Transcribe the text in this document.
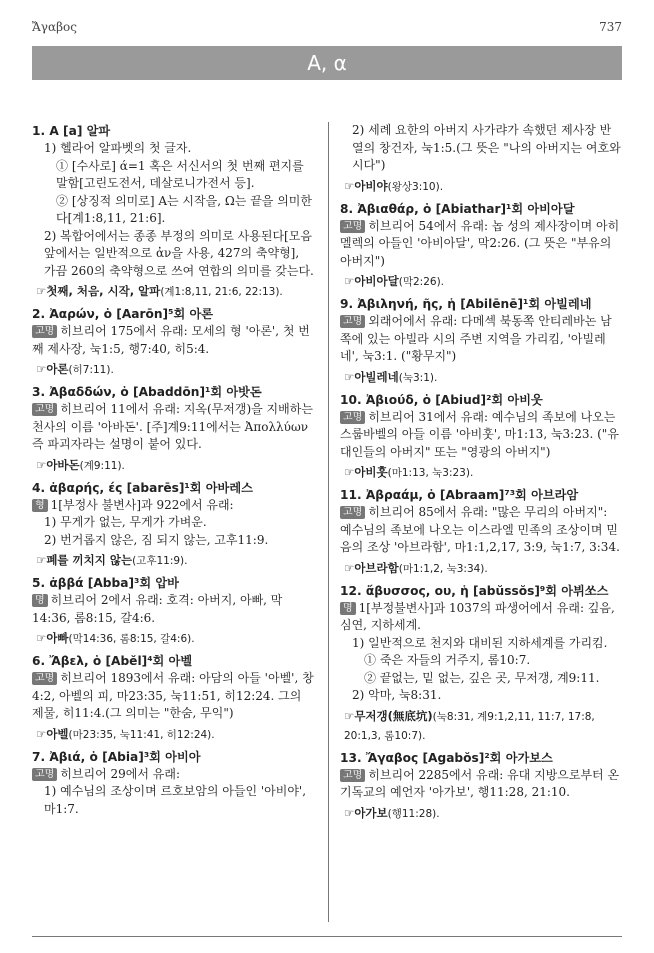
Ἄγαβος	737
A, α
1. A [a] 알파
1) 헬라어 알파벳의 첫 글자.
① [수사로] ά=1 혹은 서신서의 첫 번째 편지를 말함[고린도전서, 데살로니가전서 등].
② [상징적 의미로] A는 시작을, Ω는 끝을 의미한다[계1:8,11, 21:6].
2) 복합어에서는 종종 부정의 의미로 사용된다[모음 앞에서는 일반적으로 ἀν을 사용, 427의 축약형], 가끔 260의 축약형으로 쓰여 연합의 의미를 갖는다.
☞첫째, 처음, 시작, 알파(계1:8,11, 21:6, 22:13).
2. Ἀαρών, ὁ [Aarōn]⁵회 아론
고명 히브리어 175에서 유래: 모세의 형 '아론', 첫 번째 제사장, 눅1:5, 행7:40, 히5:4.
☞아론(히7:11).
3. Ἀβαδδών, ὁ [Abaddōn]¹회 아밧돈
고명 히브리어 11에서 유래: 지옥(무저갱)을 지배하는 천사의 이름 '아바돈'. [주]계9:11에서는 Ἀπολλύων 즉 파괴자라는 설명이 붙어 있다.
☞아바돈(계9:11).
4. ἀβαρής, ές [abarēs]¹회 아바레스
형 1[부정사 불변사]과 922에서 유래:
1) 무게가 없는, 무게가 가벼운.
2) 번거롭지 않은, 짐 되지 않는, 고후11:9.
☞폐를 끼치지 않는(고후11:9).
5. ἀββά [Abba]³회 압바
명 히브리어 2에서 유래: 호격: 아버지, 아빠, 막14:36, 롬8:15, 갈4:6.
☞아빠(막14:36, 롬8:15, 갈4:6).
6. Ἄβελ, ὁ [Abĕl]⁴회 아벨
고명 히브리어 1893에서 유래: 아담의 아들 '아벨', 창4:2, 아벨의 피, 마23:35, 눅11:51, 히12:24. 그의 제물, 히11:4.(그 의미는 "한숨, 무익")
☞아벨(마23:35, 눅11:41, 히12:24).
7. Ἀβιά, ὁ [Abia]³회 아비아
고명 히브리어 29에서 유래:
1) 예수님의 조상이며 르호보암의 아들인 '아비야', 마1:7.
2) 세례 요한의 아버지 사가랴가 속했던 제사장 반열의 창건자, 눅1:5.(그 뜻은 "나의 아버지는 여호와시다")
☞아비야(왕상3:10).
8. Ἀβιαθάρ, ὁ [Abiathar]¹회 아비아달
고명 히브리어 54에서 유래: 놉 성의 제사장이며 아히멜렉의 아들인 '아비아달', 막2:26. (그 뜻은 "부유의 아버지")
☞아비아달(막2:26).
9. Ἀβιληνή, ῆς, ἡ [Abilēnē]¹회 아빌레네
고명 외래어에서 유래: 다메섹 북동쪽 안티레바논 남쪽에 있는 아빌라 시의 주변 지역을 가리킴, '아빌레네', 눅3:1. ("황무지")
☞아빌레네(눅3:1).
10. Ἀβιούδ, ὁ [Abiud]²회 아비웃
고명 히브리어 31에서 유래: 예수님의 족보에 나오는 스룹바벨의 아들 이름 '아비훗', 마1:13, 눅3:23. ("유대인들의 아버지" 또는 "영광의 아버지")
☞아비훗(마1:13, 눅3:23).
11. Ἀβραάμ, ὁ [Abraam]⁷³회 아브라암
고명 히브리어 85에서 유래: "많은 무리의 아버지": 예수님의 족보에 나오는 이스라엘 민족의 조상이며 믿음의 조상 '아브라함', 마1:1,2,17, 3:9, 눅1:7, 3:34.
☞아브라함(마1:1,2, 눅3:34).
12. ἄβυσσος, ου, ἡ [abŭssŏs]⁹회 아뷔쏘스
명 1[부정불변사]과 1037의 파생어에서 유래: 깊음, 심연, 지하세계.
1) 일반적으로 천지와 대비된 지하세계를 가리킴.
① 죽은 자들의 거주지, 롬10:7.
② 끝없는, 밑 없는, 깊은 곳, 무저갱, 계9:11.
2) 악마, 눅8:31.
☞무저갱(無底坑)(눅8:31, 계9:1,2,11, 11:7, 17:8, 20:1,3, 롬10:7).
13. Ἄγαβος [Agabŏs]²회 아가보스
고명 히브리어 2285에서 유래: 유대 지방으로부터 온 기독교의 예언자 '아가보', 행11:28, 21:10.
☞아가보(행11:28).
